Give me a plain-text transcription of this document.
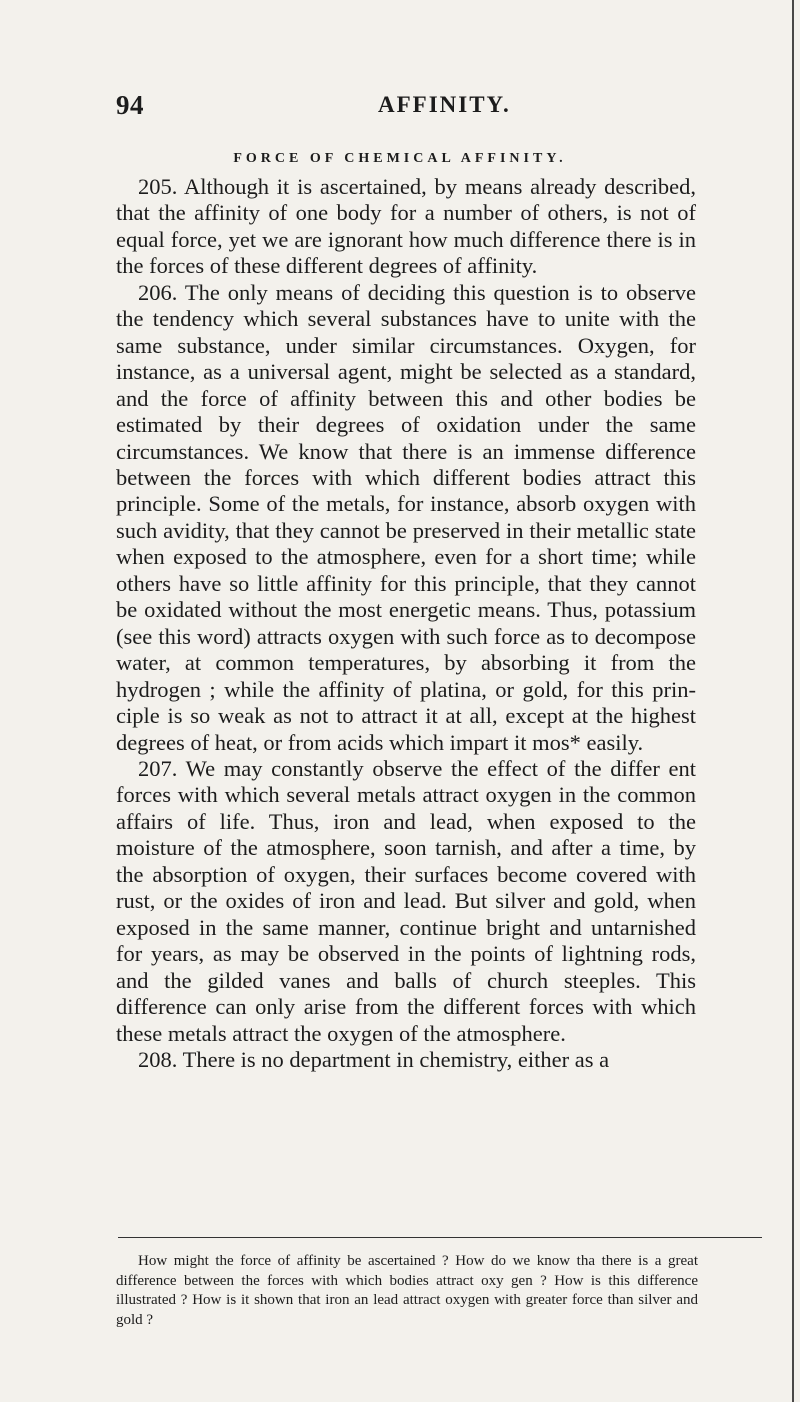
94	AFFINITY.
FORCE OF CHEMICAL AFFINITY.

205. Although it is ascertained, by means already described, that the affinity of one body for a number of others, is not of equal force, yet we are ignorant how much difference there is in the forces of these different degrees of affinity.

206. The only means of deciding this question is to observe the tendency which several substances have to unite with the same substance, under similar circumstances. Oxygen, for instance, as a universal agent, might be selected as a standard, and the force of affinity between this and other bodies be estimated by their degrees of oxidation under the same circumstances. We know that there is an immense difference between the forces with which different bodies attract this principle. Some of the metals, for instance, absorb oxygen with such avidity, that they cannot be preserved in their metallic state when exposed to the atmosphere, even for a short time; while others have so little affinity for this principle, that they cannot be oxidated without the most energetic means. Thus, potassium (see this word) attracts oxygen with such force as to decompose water, at common temperatures, by absorbing it from the hydrogen ; while the affinity of platina, or gold, for this principle is so weak as not to attract it at all, except at the highest degrees of heat, or from acids which impart it mos* easily.

207. We may constantly observe the effect of the differ ent forces with which several metals attract oxygen in the common affairs of life. Thus, iron and lead, when exposed to the moisture of the atmosphere, soon tarnish, and after a time, by the absorption of oxygen, their surfaces become covered with rust, or the oxides of iron and lead. But silver and gold, when exposed in the same manner, continue bright and untarnished for years, as may be observed in the points of lightning rods, and the gilded vanes and balls of church steeples. This difference can only arise from the different forces with which these metals attract the oxygen of the atmosphere.

208. There is no department in chemistry, either as a

How might the force of affinity be ascertained ? How do we know tha there is a great difference between the forces with which bodies attract oxy gen ? How is this difference illustrated ? How is it shown that iron an lead attract oxygen with greater force than silver and gold ?
